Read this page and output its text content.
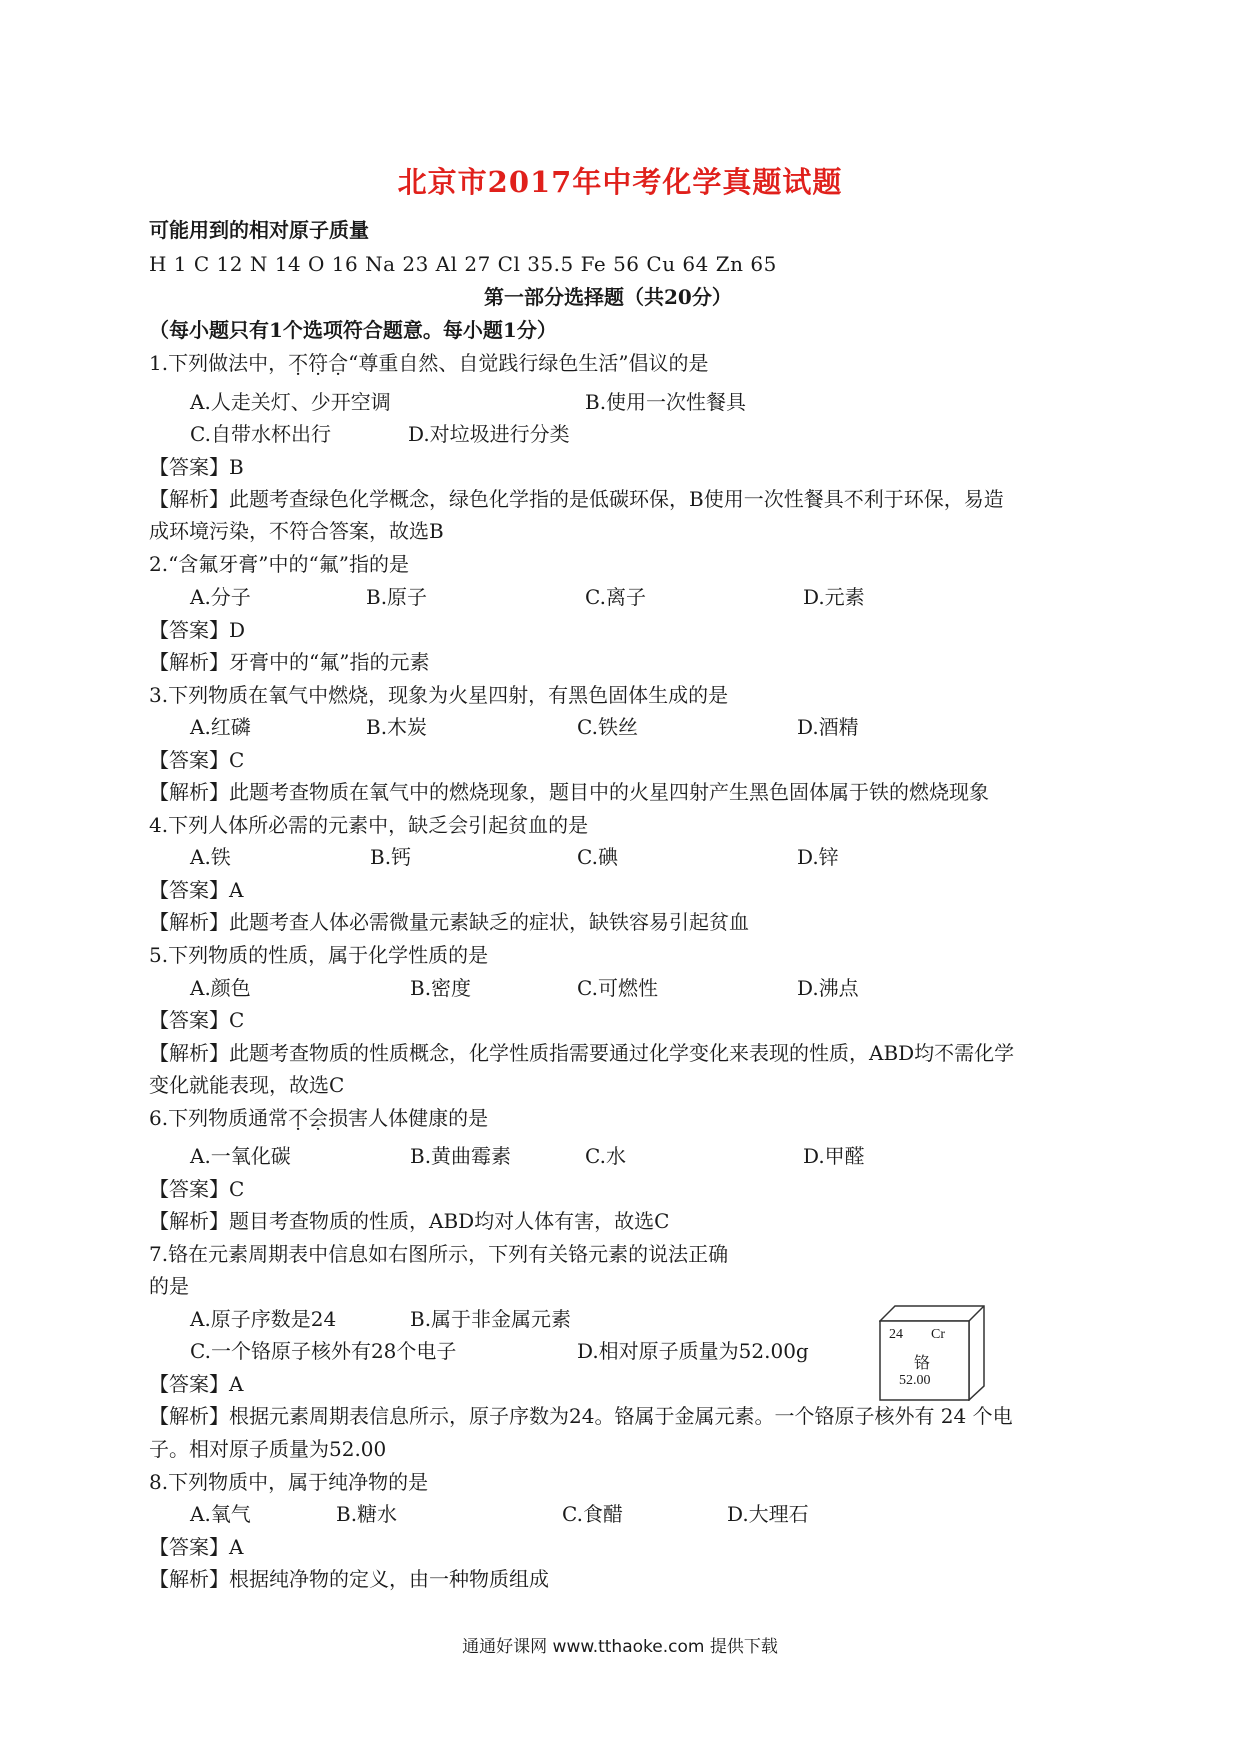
北京市2017年中考化学真题试题
可能用到的相对原子质量
H 1 C 12 N 14 O 16 Na 23 Al 27 Cl 35.5 Fe 56 Cu 64 Zn 65
第一部分选择题（共20分）
（每小题只有1个选项符合题意。每小题1分）
1.下列做法中，不符合“尊重自然、自觉践行绿色生活”倡议的是
A.人走关灯、少开空调	B.使用一次性餐具
C.自带水杯出行	D.对垃圾进行分类
【答案】B
【解析】此题考查绿色化学概念，绿色化学指的是低碳环保，B使用一次性餐具不利于环保，易造
成环境污染，不符合答案，故选B
2.“含氟牙膏”中的“氟”指的是
A.分子	B.原子	C.离子	D.元素
【答案】D
【解析】牙膏中的“氟”指的元素
3.下列物质在氧气中燃烧，现象为火星四射，有黑色固体生成的是
A.红磷	B.木炭	C.铁丝	D.酒精
【答案】C
【解析】此题考查物质在氧气中的燃烧现象，题目中的火星四射产生黑色固体属于铁的燃烧现象
4.下列人体所必需的元素中，缺乏会引起贫血的是
A.铁	B.钙	C.碘	D.锌
【答案】A
【解析】此题考查人体必需微量元素缺乏的症状，缺铁容易引起贫血
5.下列物质的性质，属于化学性质的是
A.颜色	B.密度	C.可燃性	D.沸点
【答案】C
【解析】此题考查物质的性质概念，化学性质指需要通过化学变化来表现的性质，ABD均不需化学
变化就能表现，故选C
6.下列物质通常不会损害人体健康的是
A.一氧化碳	B.黄曲霉素	C.水	D.甲醛
【答案】C
【解析】题目考查物质的性质，ABD均对人体有害，故选C
7.铬在元素周期表中信息如右图所示，下列有关铬元素的说法正确
的是
A.原子序数是24	B.属于非金属元素
C.一个铬原子核外有28个电子	D.相对原子质量为52.00g
24 Cr
铬
52.00
【答案】A
【解析】根据元素周期表信息所示，原子序数为24。铬属于金属元素。一个铬原子核外有 24 个电
子。相对原子质量为52.00
8.下列物质中，属于纯净物的是
A.氧气	B.糖水	C.食醋	D.大理石
【答案】A
【解析】根据纯净物的定义，由一种物质组成
通通好课网 www.tthaoke.com 提供下载
